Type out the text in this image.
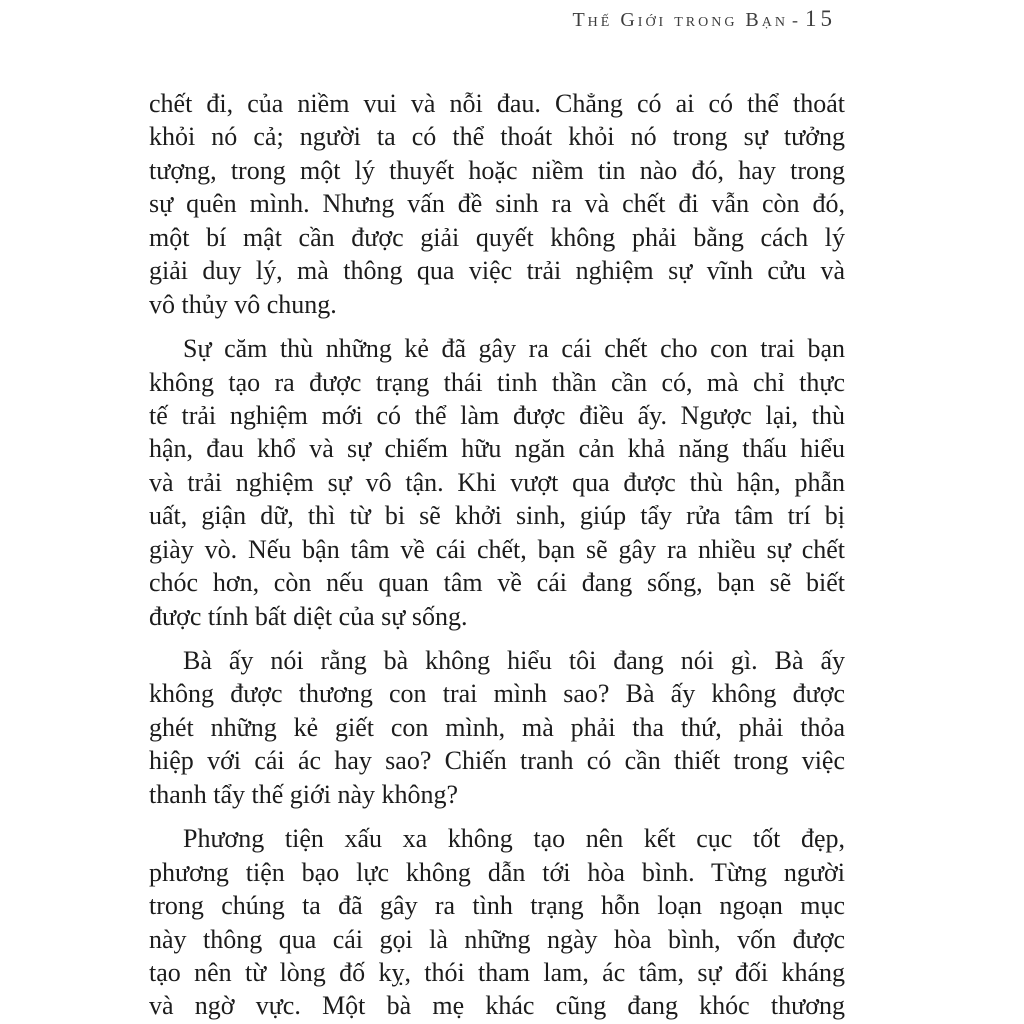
Thế Giới trong Bạn - 15
chết đi, của niềm vui và nỗi đau. Chẳng có ai có thể thoát
khỏi nó cả; người ta có thể thoát khỏi nó trong sự tưởng
tượng, trong một lý thuyết hoặc niềm tin nào đó, hay trong
sự quên mình. Nhưng vấn đề sinh ra và chết đi vẫn còn đó,
một bí mật cần được giải quyết không phải bằng cách lý
giải duy lý, mà thông qua việc trải nghiệm sự vĩnh cửu và
vô thủy vô chung.
Sự căm thù những kẻ đã gây ra cái chết cho con trai bạn
không tạo ra được trạng thái tinh thần cần có, mà chỉ thực
tế trải nghiệm mới có thể làm được điều ấy. Ngược lại, thù
hận, đau khổ và sự chiếm hữu ngăn cản khả năng thấu hiểu
và trải nghiệm sự vô tận. Khi vượt qua được thù hận, phẫn
uất, giận dữ, thì từ bi sẽ khởi sinh, giúp tẩy rửa tâm trí bị
giày vò. Nếu bận tâm về cái chết, bạn sẽ gây ra nhiều sự chết
chóc hơn, còn nếu quan tâm về cái đang sống, bạn sẽ biết
được tính bất diệt của sự sống.
Bà ấy nói rằng bà không hiểu tôi đang nói gì. Bà ấy
không được thương con trai mình sao? Bà ấy không được
ghét những kẻ giết con mình, mà phải tha thứ, phải thỏa
hiệp với cái ác hay sao? Chiến tranh có cần thiết trong việc
thanh tẩy thế giới này không?
Phương tiện xấu xa không tạo nên kết cục tốt đẹp,
phương tiện bạo lực không dẫn tới hòa bình. Từng người
trong chúng ta đã gây ra tình trạng hỗn loạn ngoạn mục
này thông qua cái gọi là những ngày hòa bình, vốn được
tạo nên từ lòng đố kỵ, thói tham lam, ác tâm, sự đối kháng
và ngờ vực. Một bà mẹ khác cũng đang khóc thương
